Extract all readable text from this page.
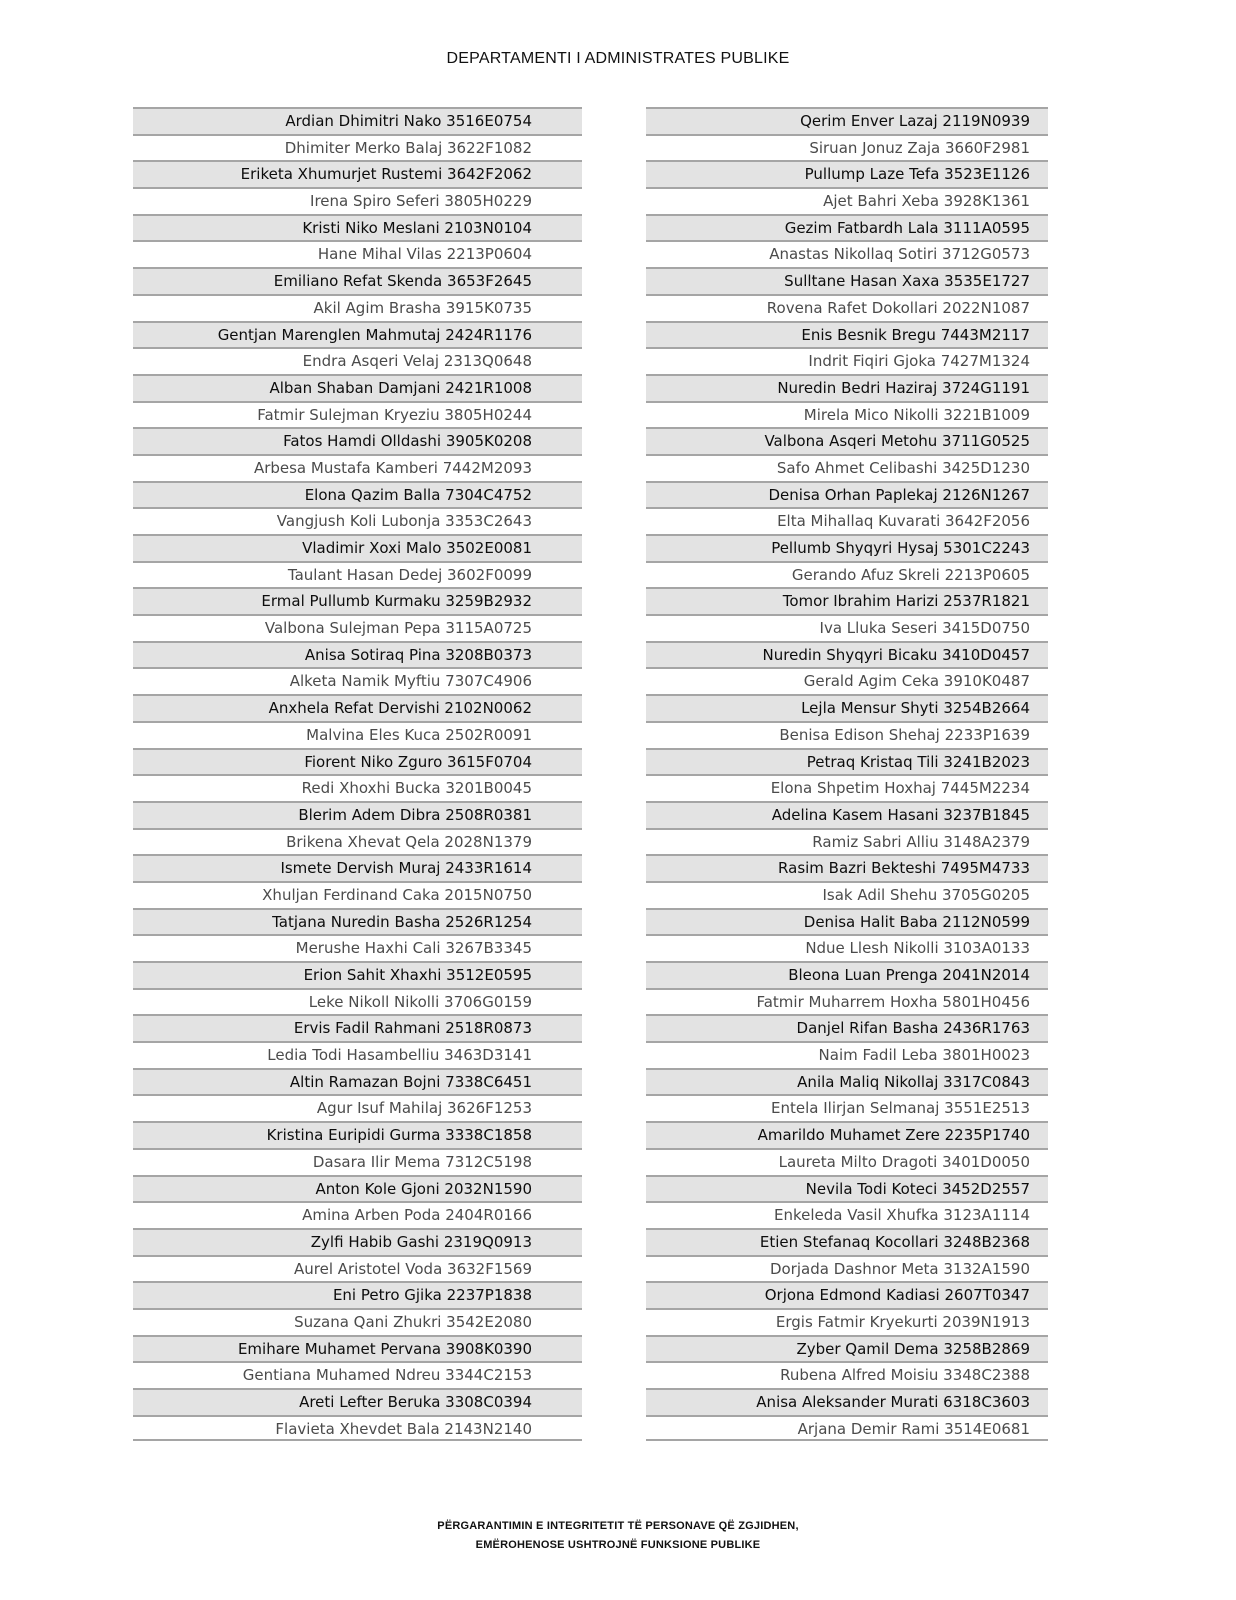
DEPARTAMENTI I ADMINISTRATES PUBLIKE
Ardian Dhimitri Nako 3516E0754
Dhimiter Merko Balaj 3622F1082
Eriketa Xhumurjet Rustemi 3642F2062
Irena Spiro Seferi 3805H0229
Kristi Niko Meslani 2103N0104
Hane Mihal Vilas 2213P0604
Emiliano Refat Skenda 3653F2645
Akil Agim Brasha 3915K0735
Gentjan Marenglen Mahmutaj 2424R1176
Endra Asqeri Velaj 2313Q0648
Alban Shaban Damjani 2421R1008
Fatmir Sulejman Kryeziu 3805H0244
Fatos Hamdi Olldashi 3905K0208
Arbesa Mustafa Kamberi 7442M2093
Elona Qazim Balla 7304C4752
Vangjush Koli Lubonja 3353C2643
Vladimir Xoxi Malo 3502E0081
Taulant Hasan Dedej 3602F0099
Ermal Pullumb Kurmaku 3259B2932
Valbona Sulejman Pepa 3115A0725
Anisa Sotiraq Pina 3208B0373
Alketa Namik Myftiu 7307C4906
Anxhela Refat Dervishi 2102N0062
Malvina Eles Kuca 2502R0091
Fiorent Niko Zguro 3615F0704
Redi Xhoxhi Bucka 3201B0045
Blerim Adem Dibra 2508R0381
Brikena Xhevat Qela 2028N1379
Ismete Dervish Muraj 2433R1614
Xhuljan Ferdinand Caka 2015N0750
Tatjana Nuredin Basha 2526R1254
Merushe Haxhi Cali 3267B3345
Erion Sahit Xhaxhi 3512E0595
Leke Nikoll Nikolli 3706G0159
Ervis Fadil Rahmani 2518R0873
Ledia Todi Hasambelliu 3463D3141
Altin Ramazan Bojni 7338C6451
Agur Isuf Mahilaj 3626F1253
Kristina Euripidi Gurma 3338C1858
Dasara Ilir Mema 7312C5198
Anton Kole Gjoni 2032N1590
Amina Arben Poda 2404R0166
Zylfi Habib Gashi 2319Q0913
Aurel Aristotel Voda 3632F1569
Eni Petro Gjika 2237P1838
Suzana Qani Zhukri 3542E2080
Emihare Muhamet Pervana 3908K0390
Gentiana Muhamed Ndreu 3344C2153
Areti Lefter Beruka 3308C0394
Flavieta Xhevdet Bala 2143N2140
Qerim Enver Lazaj 2119N0939
Siruan Jonuz Zaja 3660F2981
Pullump Laze Tefa 3523E1126
Ajet Bahri Xeba 3928K1361
Gezim Fatbardh Lala 3111A0595
Anastas Nikollaq Sotiri 3712G0573
Sulltane Hasan Xaxa 3535E1727
Rovena Rafet Dokollari 2022N1087
Enis Besnik Bregu 7443M2117
Indrit Fiqiri Gjoka 7427M1324
Nuredin Bedri Haziraj 3724G1191
Mirela Mico Nikolli 3221B1009
Valbona Asqeri Metohu 3711G0525
Safo Ahmet Celibashi 3425D1230
Denisa Orhan Paplekaj 2126N1267
Elta Mihallaq Kuvarati 3642F2056
Pellumb Shyqyri Hysaj 5301C2243
Gerando Afuz Skreli 2213P0605
Tomor Ibrahim Harizi 2537R1821
Iva Lluka Seseri 3415D0750
Nuredin Shyqyri Bicaku 3410D0457
Gerald Agim Ceka 3910K0487
Lejla Mensur Shyti 3254B2664
Benisa Edison Shehaj 2233P1639
Petraq Kristaq Tili 3241B2023
Elona Shpetim Hoxhaj 7445M2234
Adelina Kasem Hasani 3237B1845
Ramiz Sabri Alliu 3148A2379
Rasim Bazri Bekteshi 7495M4733
Isak Adil Shehu 3705G0205
Denisa Halit Baba 2112N0599
Ndue Llesh Nikolli 3103A0133
Bleona Luan Prenga 2041N2014
Fatmir Muharrem Hoxha 5801H0456
Danjel Rifan Basha 2436R1763
Naim Fadil Leba 3801H0023
Anila Maliq Nikollaj 3317C0843
Entela Ilirjan Selmanaj 3551E2513
Amarildo Muhamet Zere 2235P1740
Laureta Milto Dragoti 3401D0050
Nevila Todi Koteci 3452D2557
Enkeleda Vasil Xhufka 3123A1114
Etien Stefanaq Kocollari 3248B2368
Dorjada Dashnor Meta 3132A1590
Orjona Edmond Kadiasi 2607T0347
Ergis Fatmir Kryekurti 2039N1913
Zyber Qamil Dema 3258B2869
Rubena Alfred Moisiu 3348C2388
Anisa Aleksander Murati 6318C3603
Arjana Demir Rami 3514E0681
PËRGARANTIMIN E INTEGRITETIT TË PERSONAVE QË ZGJIDHEN,
EMËROHENOSE USHTROJNË FUNKSIONE PUBLIKE
